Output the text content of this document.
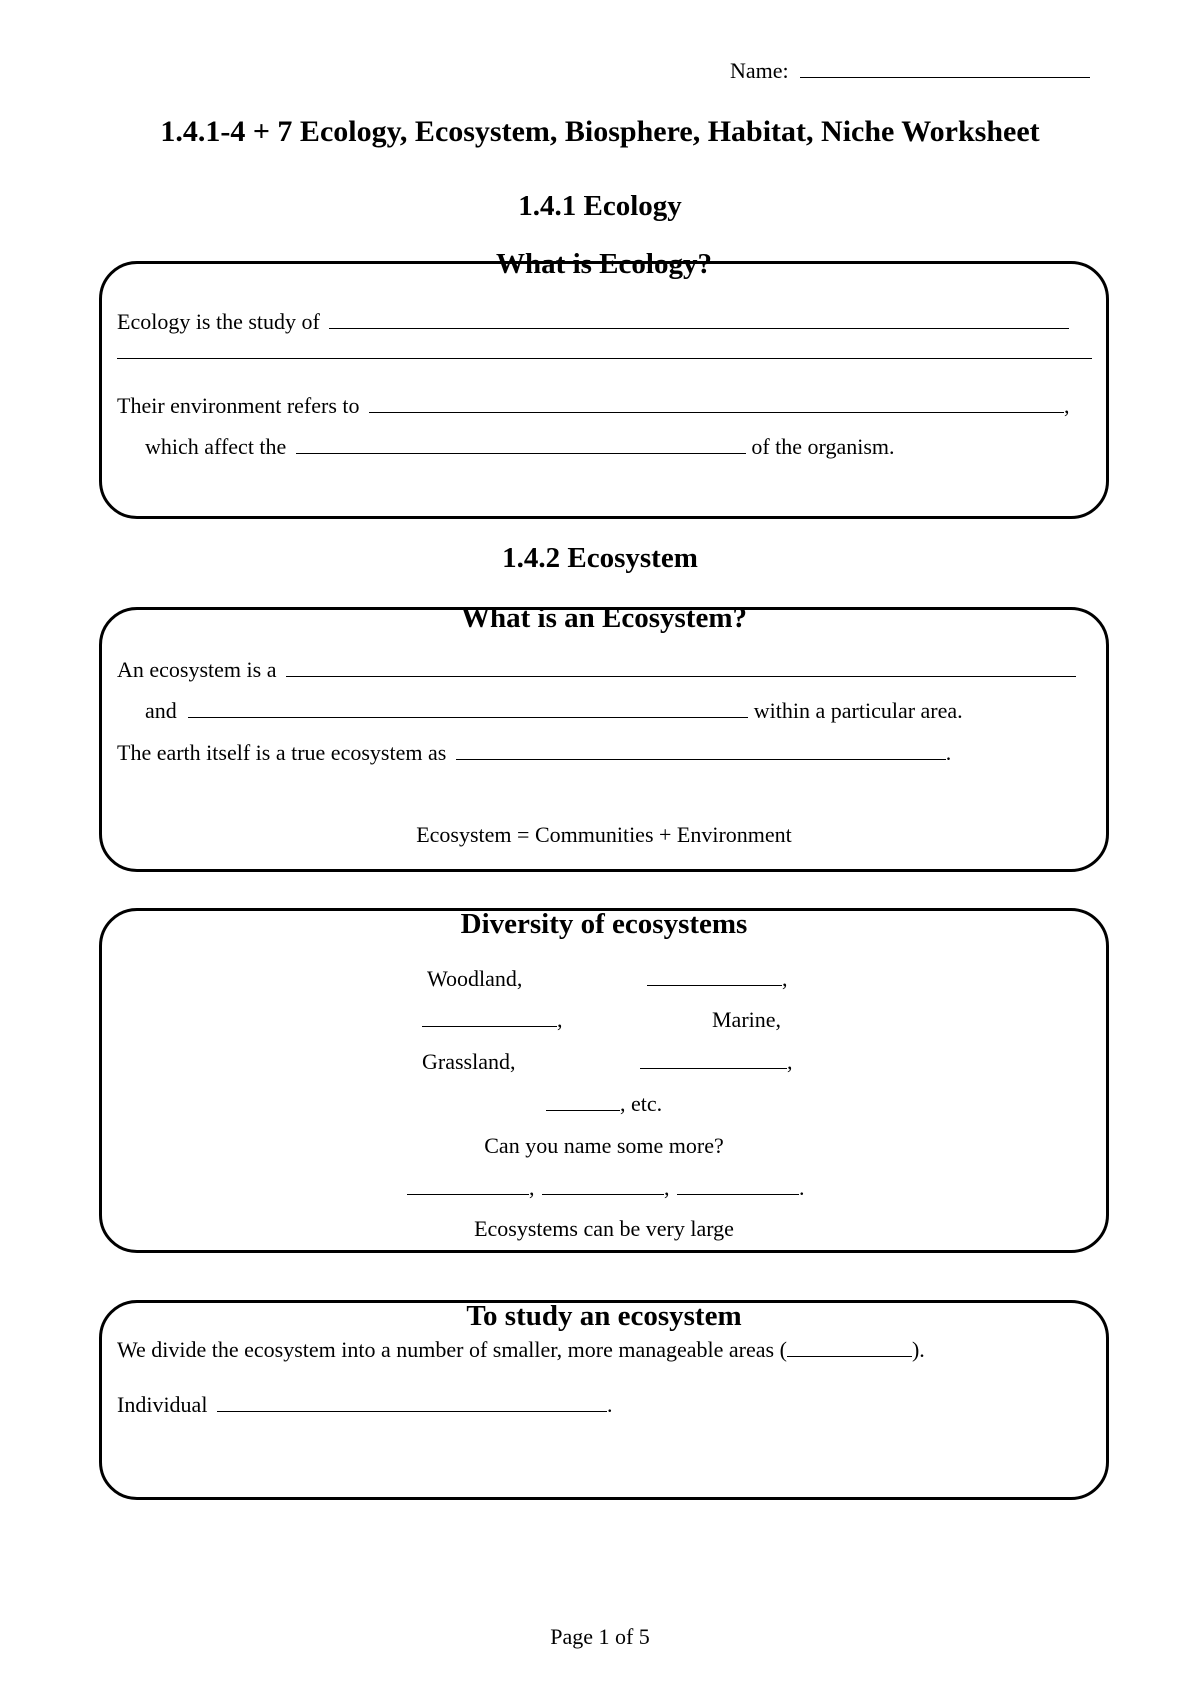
Name:
1.4.1-4 + 7 Ecology, Ecosystem, Biosphere, Habitat, Niche Worksheet
1.4.1 Ecology
What is Ecology?
Ecology is the study of
Their environment refers to	,
which affect the	of the organism.
1.4.2 Ecosystem
What is an Ecosystem?
An ecosystem is a
and	within a particular area.
The earth itself is a true ecosystem as	.
Ecosystem = Communities + Environment
Diversity of ecosystems
Woodland,	,
,	Marine,
Grassland,	,
, etc.
Can you name some more?
,	,	.
Ecosystems can be very large
To study an ecosystem
We divide the ecosystem into a number of smaller, more manageable areas (	).
Individual	.
Page 1 of 5
